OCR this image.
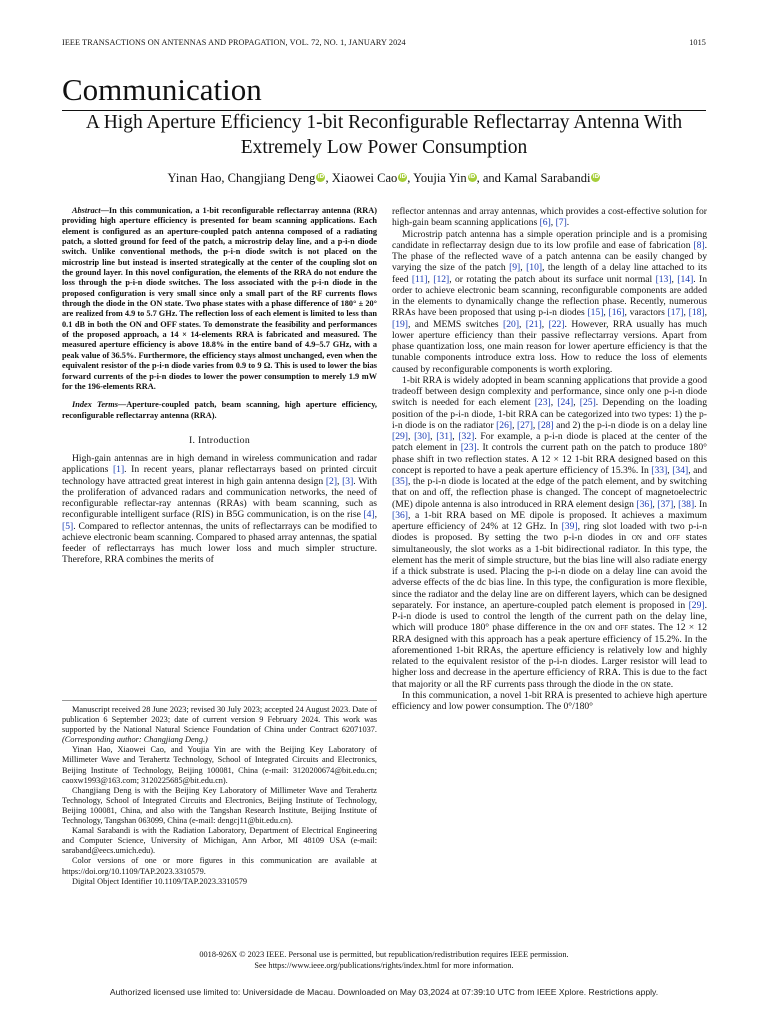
IEEE TRANSACTIONS ON ANTENNAS AND PROPAGATION, VOL. 72, NO. 1, JANUARY 2024	1015
Communication
A High Aperture Efficiency 1-bit Reconfigurable Reflectarray Antenna With
Extremely Low Power Consumption
Yinan Hao, Changjiang Deng iD, Xiaowei Cao iD, Youjia Yin iD, and Kamal Sarabandi iD

Abstract—In this communication, a 1-bit reconfigurable reflectarray antenna (RRA) providing high aperture efficiency is presented for beam scanning applications. Each element is configured as an aperture-coupled patch antenna composed of a radiating patch, a slotted ground for feed of the patch, a microstrip delay line, and a p-i-n diode switch. Unlike conventional methods, the p-i-n diode switch is not placed on the microstrip line but instead is inserted strategically at the center of the coupling slot on the ground layer. In this novel configuration, the elements of the RRA do not endure the loss through the p-i-n diode switches. The loss associated with the p-i-n diode in the proposed configuration is very small since only a small part of the RF currents flows through the diode in the ON state. Two phase states with a phase difference of 180° ± 20° are realized from 4.9 to 5.7 GHz. The reflection loss of each element is limited to less than 0.1 dB in both the ON and OFF states. To demonstrate the feasibility and performances of the proposed approach, a 14 × 14-elements RRA is fabricated and measured. The measured aperture efficiency is above 18.8% in the entire band of 4.9–5.7 GHz, with a peak value of 36.5%. Furthermore, the efficiency stays almost unchanged, even when the equivalent resistor of the p-i-n diode varies from 0.9 to 9 Ω. This is used to lower the bias forward currents of the p-i-n diodes to lower the power consumption to merely 1.9 mW for the 196-elements RRA.

Index Terms—Aperture-coupled patch, beam scanning, high aperture efficiency, reconfigurable reflectarray antenna (RRA).

I. Introduction

High-gain antennas are in high demand in wireless communication and radar applications [1]. In recent years, planar reflectarrays based on printed circuit technology have attracted great interest in high gain antenna design [2], [3]. With the proliferation of advanced radars and communication networks, the need of reconfigurable reflectar-ray antennas (RRAs) with beam scanning, such as reconfigurable intelligent surface (RIS) in B5G communication, is on the rise [4], [5]. Compared to reflector antennas, the units of reflectarrays can be modified to achieve electronic beam scanning. Compared to phased array antennas, the spatial feeder of reflectarrays has much lower loss and much simpler structure. Therefore, RRA combines the merits of

Manuscript received 28 June 2023; revised 30 July 2023; accepted 24 August 2023. Date of publication 6 September 2023; date of current version 9 February 2024. This work was supported by the National Natural Science Foundation of China under Contract 62071037. (Corresponding author: Changjiang Deng.)

Yinan Hao, Xiaowei Cao, and Youjia Yin are with the Beijing Key Laboratory of Millimeter Wave and Terahertz Technology, School of Integrated Circuits and Electronics, Beijing Institute of Technology, Beijing 100081, China (e-mail: 3120200674@bit.edu.cn; caoxw1993@163.com; 3120225685@bit.edu.cn).

Changjiang Deng is with the Beijing Key Laboratory of Millimeter Wave and Terahertz Technology, School of Integrated Circuits and Electronics, Beijing Institute of Technology, Beijing 100081, China, and also with the Tangshan Research Institute, Beijing Institute of Technology, Tangshan 063099, China (e-mail: dengcj11@bit.edu.cn).

Kamal Sarabandi is with the Radiation Laboratory, Department of Electrical Engineering and Computer Science, University of Michigan, Ann Arbor, MI 48109 USA (e-mail: saraband@eecs.umich.edu).

Color versions of one or more figures in this communication are available at https://doi.org/10.1109/TAP.2023.3310579.

Digital Object Identifier 10.1109/TAP.2023.3310579

reflector antennas and array antennas, which provides a cost-effective solution for high-gain beam scanning applications [6], [7].

Microstrip patch antenna has a simple operation principle and is a promising candidate in reflectarray design due to its low profile and ease of fabrication [8]. The phase of the reflected wave of a patch antenna can be easily changed by varying the size of the patch [9], [10], the length of a delay line attached to its feed [11], [12], or rotating the patch about its surface unit normal [13], [14]. In order to achieve electronic beam scanning, reconfigurable components are added in the elements to dynamically change the reflection phase. Recently, numerous RRAs have been proposed that using p-i-n diodes [15], [16], varactors [17], [18], [19], and MEMS switches [20], [21], [22]. However, RRA usually has much lower aperture efficiency than their passive reflectarray versions. Apart from phase quantization loss, one main reason for lower aperture efficiency is that the tunable components introduce extra loss. How to reduce the loss of elements caused by reconfigurable components is worth exploring.

1-bit RRA is widely adopted in beam scanning applications that provide a good tradeoff between design complexity and performance, since only one p-i-n diode switch is needed for each element [23], [24], [25]. Depending on the loading position of the p-i-n diode, 1-bit RRA can be categorized into two types: 1) the p-i-n diode is on the radiator [26], [27], [28] and 2) the p-i-n diode is on a delay line [29], [30], [31], [32]. For example, a p-i-n diode is placed at the center of the patch element in [23]. It controls the current path on the patch to produce 180° phase shift in two reflection states. A 12 × 12 1-bit RRA designed based on this concept is reported to have a peak aperture efficiency of 15.3%. In [33], [34], and [35], the p-i-n diode is located at the edge of the patch element, and by switching that on and off, the reflection phase is changed. The concept of magnetoelectric (ME) dipole antenna is also introduced in RRA element design [36], [37], [38]. In [36], a 1-bit RRA based on ME dipole is proposed. It achieves a maximum aperture efficiency of 24% at 12 GHz. In [39], ring slot loaded with two p-i-n diodes is proposed. By setting the two p-i-n diodes in on and off states simultaneously, the slot works as a 1-bit bidirectional radiator. In this type, the element has the merit of simple structure, but the bias line will also radiate energy if a thick substrate is used. Placing the p-i-n diode on a delay line can avoid the adverse effects of the dc bias line. In this type, the configuration is more flexible, since the radiator and the delay line are on different layers, which can be designed separately. For instance, an aperture-coupled patch element is proposed in [29]. P-i-n diode is used to control the length of the current path on the delay line, which will produce 180° phase difference in the on and off states. The 12 × 12 RRA designed with this approach has a peak aperture efficiency of 15.2%. In the aforementioned 1-bit RRAs, the aperture efficiency is relatively low and highly related to the equivalent resistor of the p-i-n diodes. Larger resistor will lead to higher loss and decrease in the aperture efficiency of RRA. This is due to the fact that majority or all the RF currents pass through the diode in the on state.

In this communication, a novel 1-bit RRA is presented to achieve high aperture efficiency and low power consumption. The 0°/180°

0018-926X © 2023 IEEE. Personal use is permitted, but republication/redistribution requires IEEE permission.
See https://www.ieee.org/publications/rights/index.html for more information.
Authorized licensed use limited to: Universidade de Macau. Downloaded on May 03,2024 at 07:39:10 UTC from IEEE Xplore. Restrictions apply.
